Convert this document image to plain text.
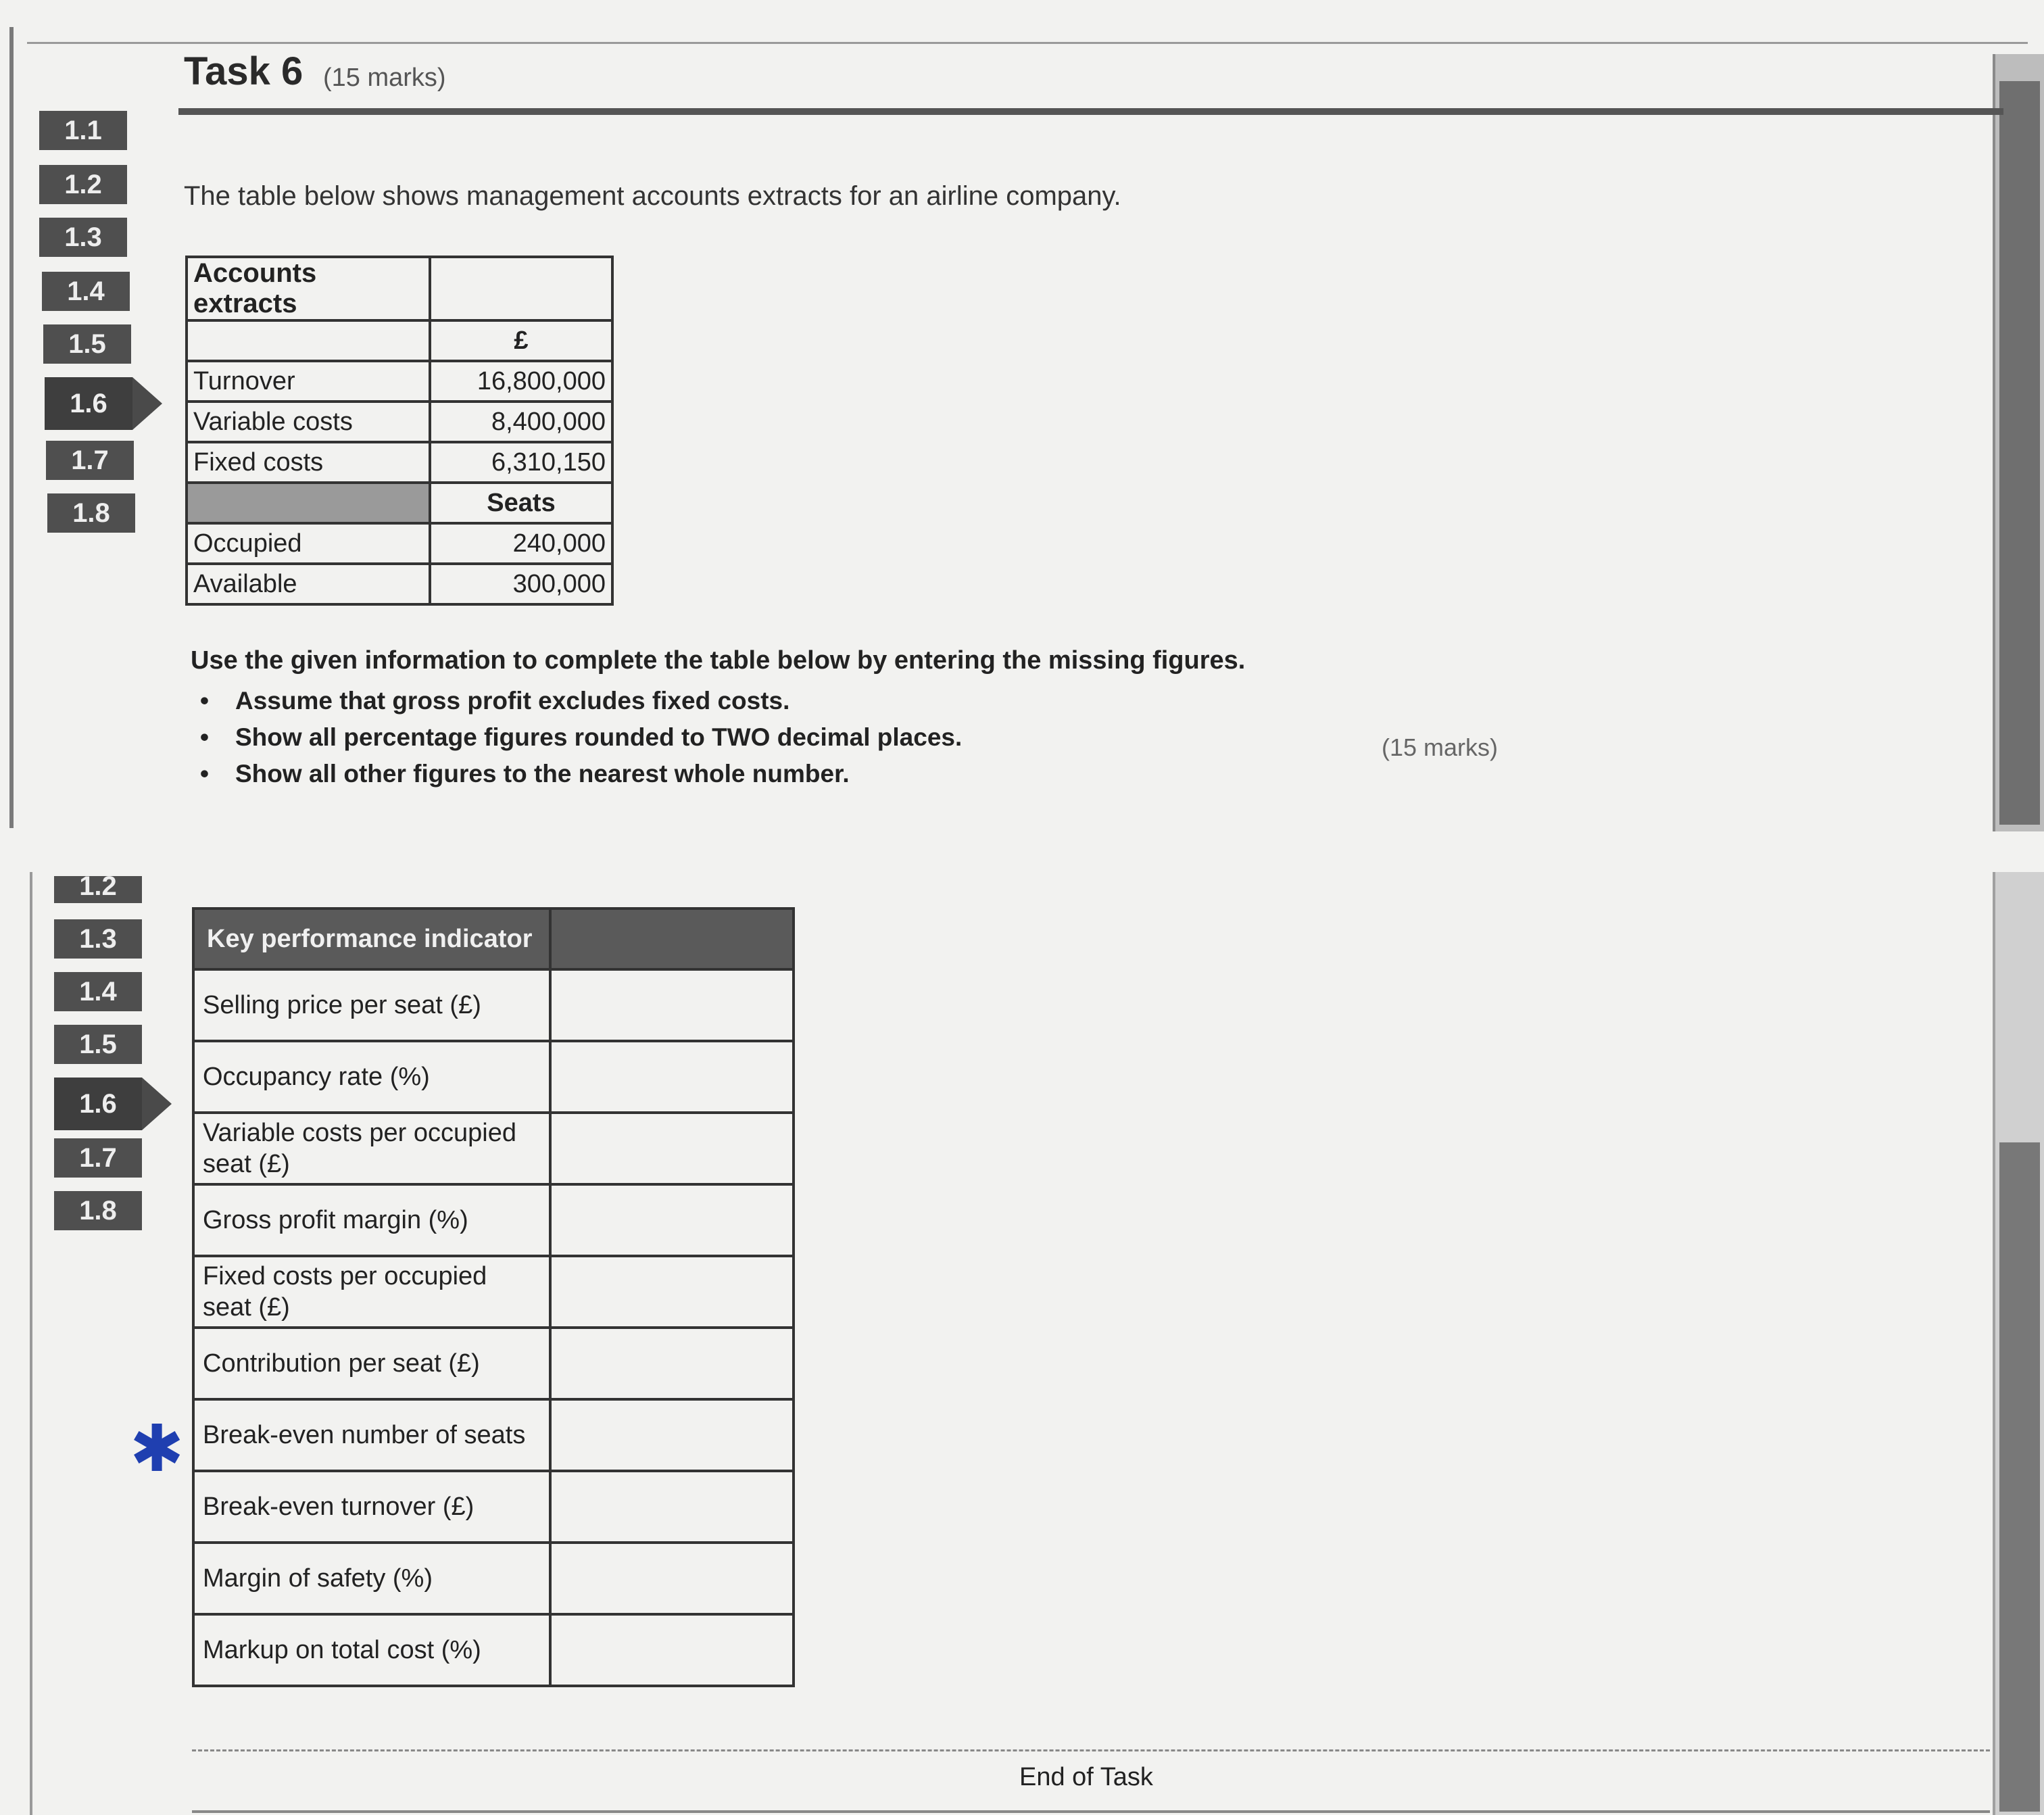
Task 6 (15 marks)
1.1
1.2
1.3
1.4
1.5
1.6
1.7
1.8
The table below shows management accounts extracts for an airline company.
Accounts extracts	
	£
Turnover	16,800,000
Variable costs	8,400,000
Fixed costs	6,310,150
	Seats
Occupied	240,000
Available	300,000
Use the given information to complete the table below by entering the missing figures.
• Assume that gross profit excludes fixed costs.
• Show all percentage figures rounded to TWO decimal places.
• Show all other figures to the nearest whole number.
(15 marks)
1.2
1.3
1.4
1.5
1.6
1.7
1.8
Key performance indicator	
Selling price per seat (£)	
Occupancy rate (%)	
Variable costs per occupied seat (£)	
Gross profit margin (%)	
Fixed costs per occupied seat (£)	
Contribution per seat (£)	
Break-even number of seats	
Break-even turnover (£)	
Margin of safety (%)	
Markup on total cost (%)	
✱
End of Task
